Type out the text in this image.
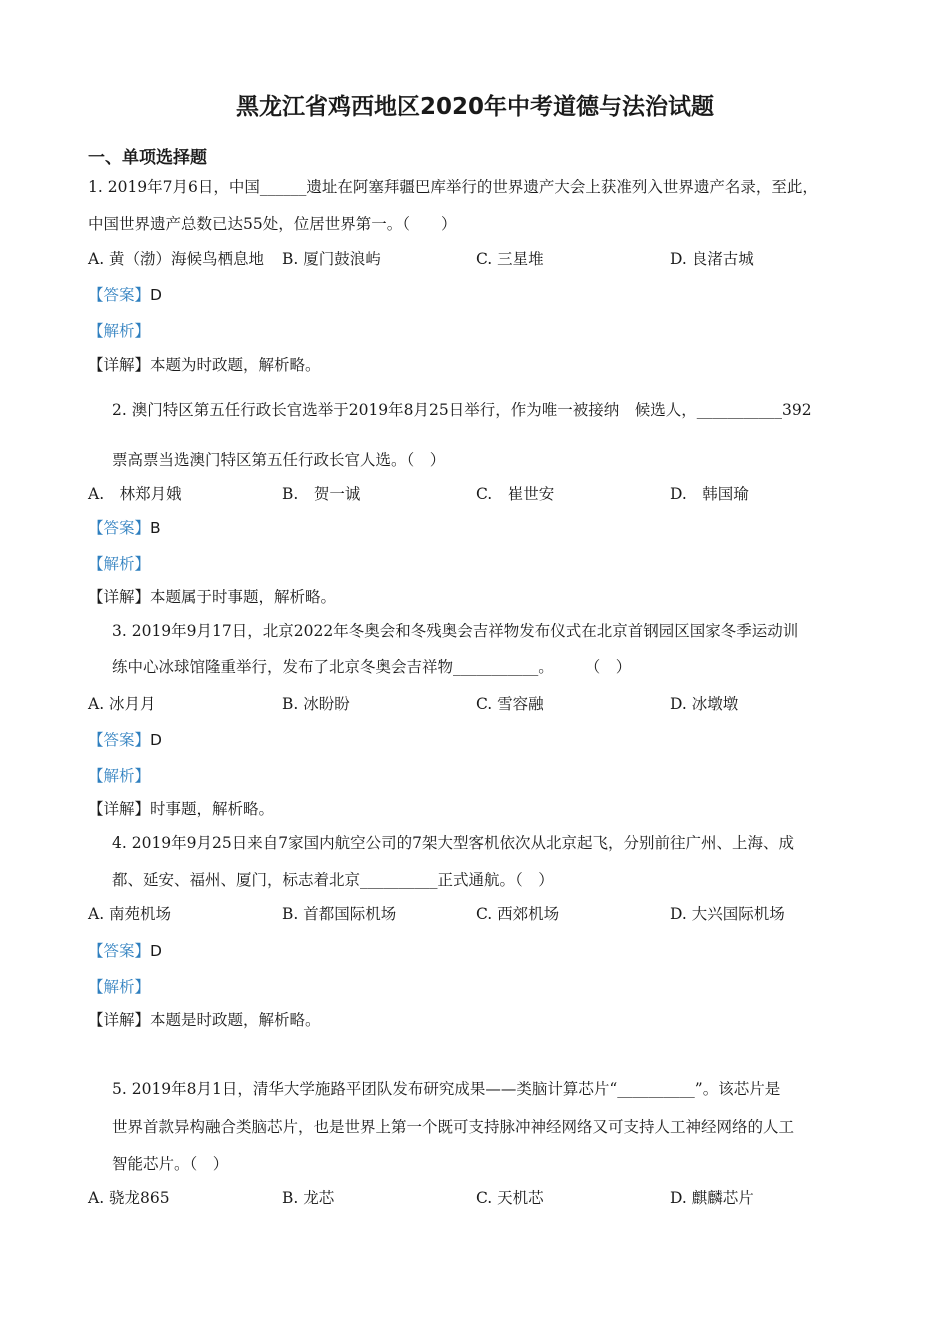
黑龙江省鸡西地区2020年中考道德与法治试题
一、单项选择题
1. 2019年7月6日，中国______遗址在阿塞拜疆巴库举行的世界遗产大会上获准列入世界遗产名录，至此，
中国世界遗产总数已达55处，位居世界第一。（　　）
A. 黄（渤）海候鸟栖息地 B. 厦门鼓浪屿	C. 三星堆	D. 良渚古城
【答案】D
【解析】
【详解】本题为时政题，解析略。
2. 澳门特区第五任行政长官选举于2019年8月25日举行，作为唯一被接纳　候选人，___________392
票高票当选澳门特区第五任行政长官人选。（　）
A.　林郑月娥	B.　贺一诚	C.　崔世安	D.　韩国瑜
【答案】B
【解析】
【详解】本题属于时事题，解析略。
3. 2019年9月17日，北京2022年冬奥会和冬残奥会吉祥物发布仪式在北京首钢园区国家冬季运动训
练中心冰球馆隆重举行，发布了北京冬奥会吉祥物___________。　　　（　）
A. 冰月月	B. 冰盼盼	C. 雪容融	D. 冰墩墩
【答案】D
【解析】
【详解】时事题，解析略。
4. 2019年9月25日来自7家国内航空公司的7架大型客机依次从北京起飞，分别前往广州、上海、成
都、延安、福州、厦门，标志着北京__________正式通航。（　）
A. 南苑机场	B. 首都国际机场	C. 西郊机场	D. 大兴国际机场
【答案】D
【解析】
【详解】本题是时政题，解析略。
5. 2019年8月1日，清华大学施路平团队发布研究成果——类脑计算芯片“__________”。该芯片是
世界首款异构融合类脑芯片，也是世界上第一个既可支持脉冲神经网络又可支持人工神经网络的人工
智能芯片。（　）
A. 骁龙865	B. 龙芯	C. 天机芯	D. 麒麟芯片
